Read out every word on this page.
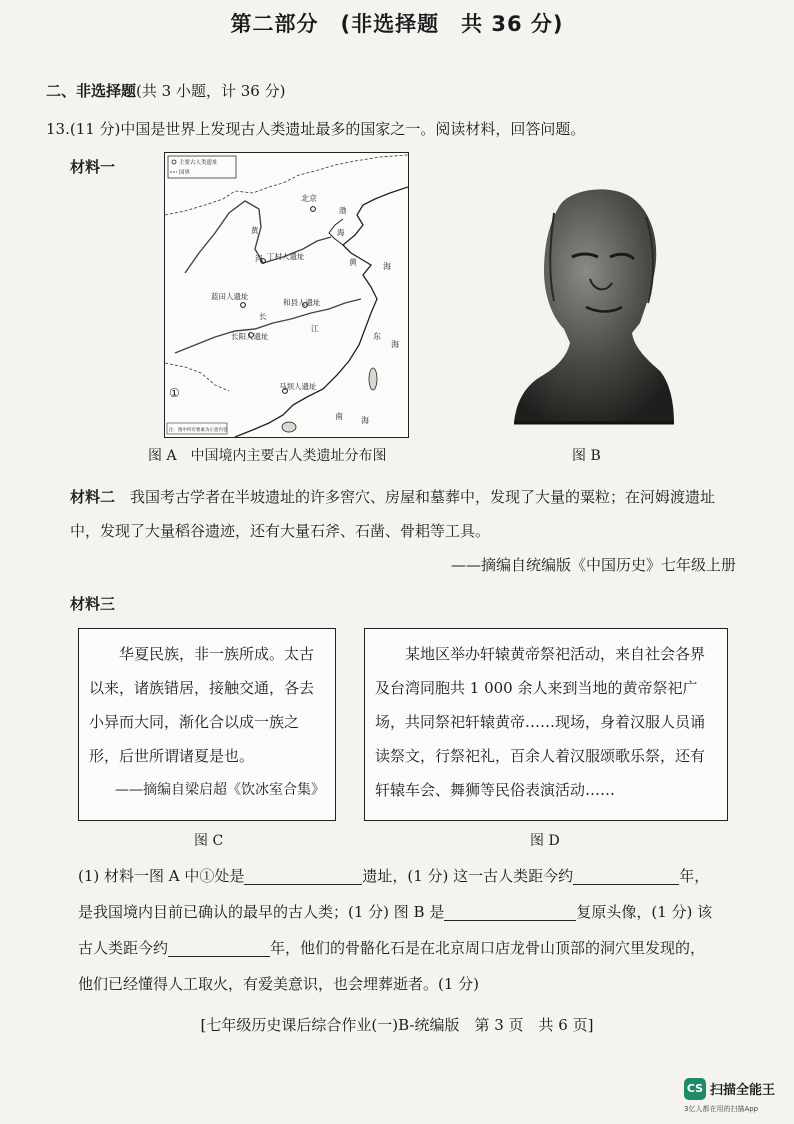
第二部分　(非选择题　共 36 分)
二、非选择题(共 3 小题，计 36 分)
13.(11 分)中国是世界上发现古人类遗址最多的国家之一。阅读材料，回答问题。
材料一	主要古人类遗址
国界
北京
丁村人遗址
蓝田人遗址
和县人遗址
长阳人遗址
马坝人遗址
①
黄
河
渤
海
黄	海
长
江
东
海
南 海
注：图中所有要素为示意内容
图 A　中国境内主要古人类遗址分布图	图 B
材料二　 我国考古学者在半坡遗址的许多窖穴、房屋和墓葬中，发现了大量的粟粒；在河姆渡遗址中，发现了大量稻谷遗迹，还有大量石斧、石凿、骨耜等工具。
——摘编自统编版《中国历史》七年级上册
材料三
华夏民族，非一族所成。太古以来，诸族错居，接触交通，各去小异而大同，渐化合以成一族之形，后世所谓诸夏是也。
——摘编自梁启超《饮冰室合集》
某地区举办轩辕黄帝祭祀活动，来自社会各界及台湾同胞共 1 000 余人来到当地的黄帝祭祀广场，共同祭祀轩辕黄帝……现场，身着汉服人员诵读祭文，行祭祀礼，百余人着汉服颂歌乐祭，还有轩辕车会、舞狮等民俗表演活动……
图 C	图 D
(1) 材料一图 A 中①处是	遗址，(1 分) 这一古人类距今约	年，
是我国境内目前已确认的最早的古人类；(1 分) 图 B 是	复原头像，(1 分) 该
古人类距今约	年，他们的骨骼化石是在北京周口店龙骨山顶部的洞穴里发现的，
他们已经懂得人工取火，有爱美意识，也会埋葬逝者。(1 分)
[七年级历史课后综合作业(一)B-统编版　第 3 页　共 6 页]
CS 扫描全能王
3亿人都在用的扫描App
